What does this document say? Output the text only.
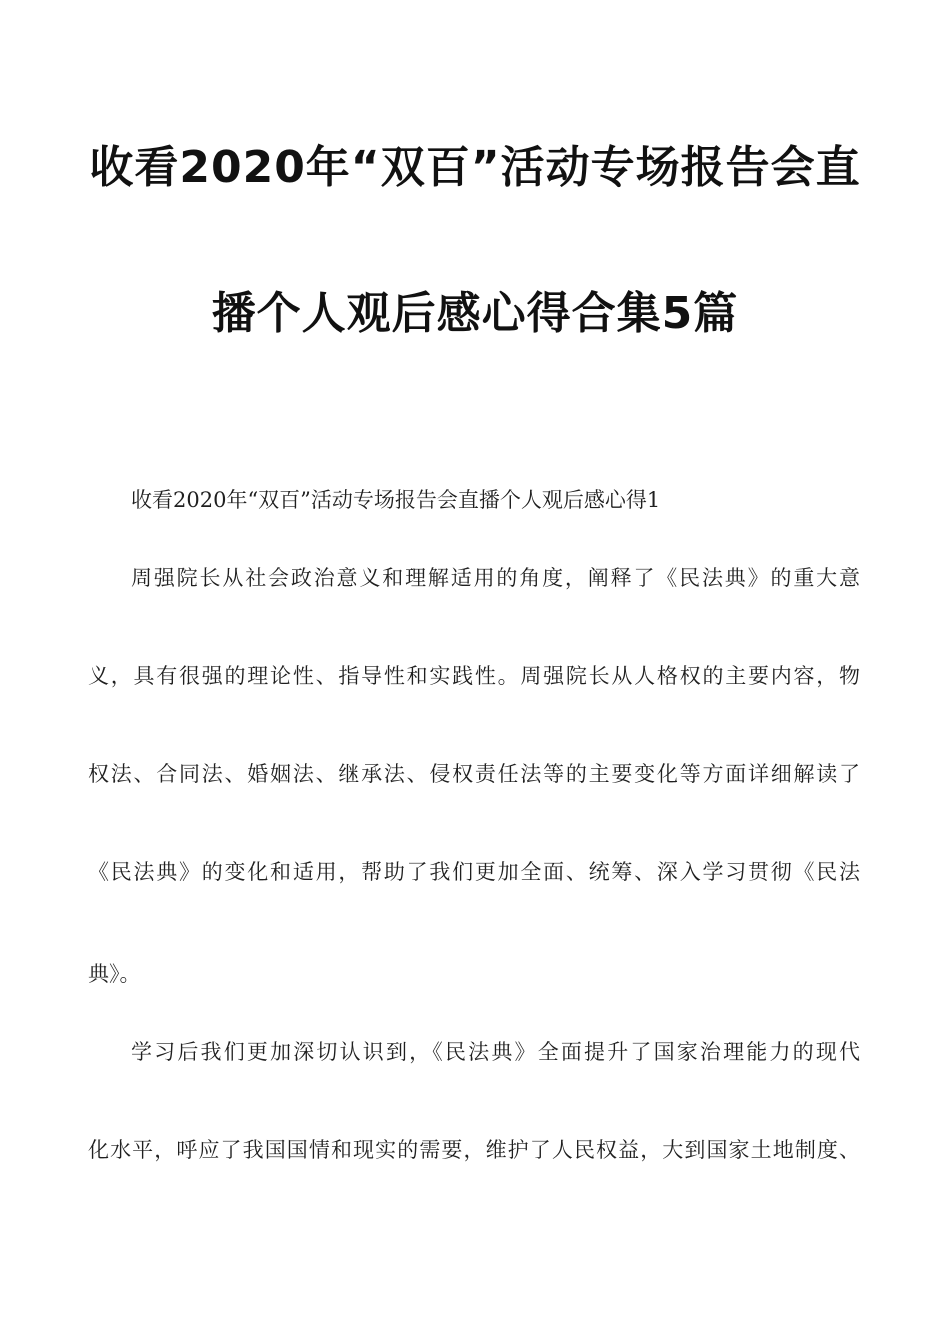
收看2020年“双百”活动专场报告会直
播个人观后感心得合集5篇
收看2020年“双百”活动专场报告会直播个人观后感心得1
周强院长从社会政治意义和理解适用的角度，阐释了《民法典》的重大意
义，具有很强的理论性、指导性和实践性。周强院长从人格权的主要内容，物
权法、合同法、婚姻法、继承法、侵权责任法等的主要变化等方面详细解读了
《民法典》的变化和适用，帮助了我们更加全面、统筹、深入学习贯彻《民法
典》。
学习后我们更加深切认识到，《民法典》全面提升了国家治理能力的现代
化水平，呼应了我国国情和现实的需要，维护了人民权益，大到国家土地制度、
